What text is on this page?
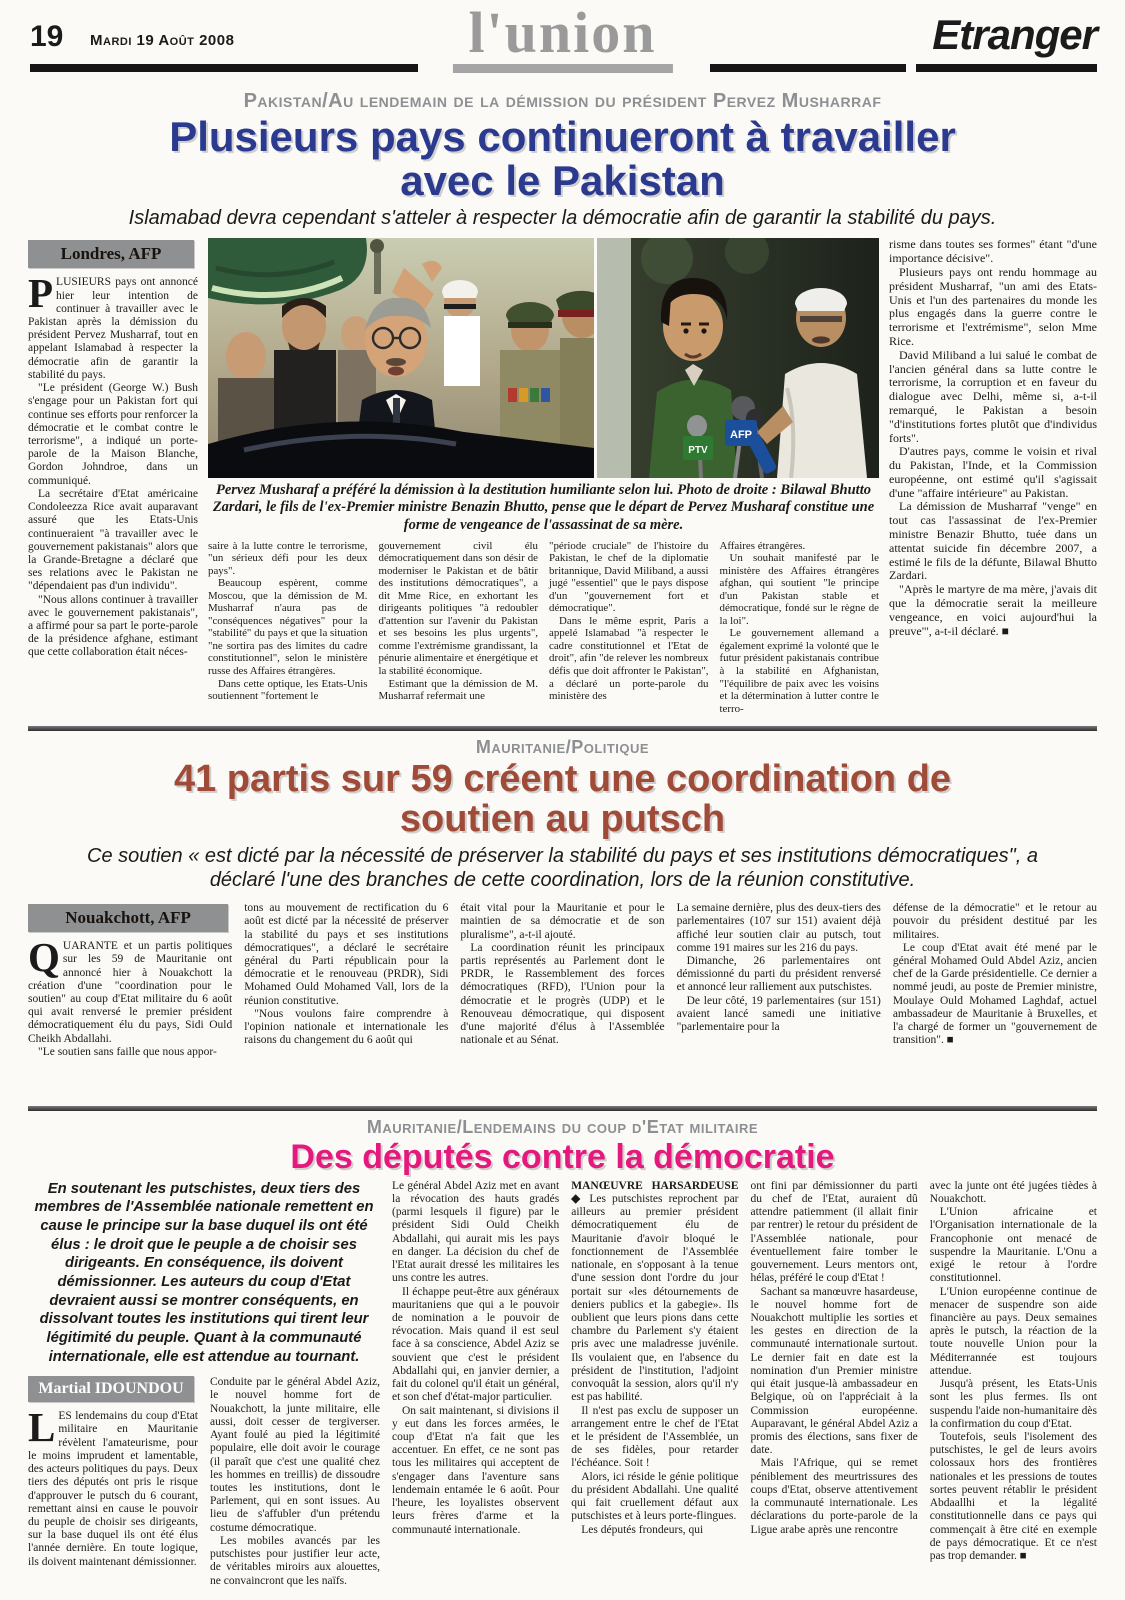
19 Mardi 19 Août 2008	l'union	Etranger
Pakistan/Au lendemain de la démission du président Pervez Musharraf
Plusieurs pays continueront à travailler avec le Pakistan
Islamabad devra cependant s'atteler à respecter la démocratie afin de garantir la stabilité du pays.
Londres, AFP

PLUSIEURS pays ont annoncé hier leur intention de continuer à travailler avec le Pakistan après la démission du président Pervez Musharraf, tout en appelant Islamabad à respecter la démocratie afin de garantir la stabilité du pays.

"Le président (George W.) Bush s'engage pour un Pakistan fort qui continue ses efforts pour renforcer la démocratie et le combat contre le terrorisme", a indiqué un porte-parole de la Maison Blanche, Gordon Johndroe, dans un communiqué.

La secrétaire d'Etat américaine Condoleezza Rice avait auparavant assuré que les Etats-Unis continueraient "à travailler avec le gouvernement pakistanais" alors que la Grande-Bretagne a déclaré que ses relations avec le Pakistan ne "dépendaient pas d'un individu".

"Nous allons continuer à travailler avec le gouvernement pakistanais", a affirmé pour sa part le porte-parole de la présidence afghane, estimant que cette collaboration était néces-

AFP
PTV
Pervez Musharaf a préféré la démission à la destitution humiliante selon lui. Photo de droite : Bilawal Bhutto Zardari, le fils de l'ex-Premier ministre Benazin Bhutto, pense que le départ de Pervez Musharaf constitue une forme de vengeance de l'assassinat de sa mère.

saire à la lutte contre le terrorisme, "un sérieux défi pour les deux pays".

Beaucoup espèrent, comme Moscou, que la démission de M. Musharraf n'aura pas de "conséquences négatives" pour la "stabilité" du pays et que la situation "ne sortira pas des limites du cadre constitutionnel", selon le ministère russe des Affaires étrangères.

Dans cette optique, les Etats-Unis soutiennent "fortement le

gouvernement civil élu démocratiquement dans son désir de moderniser le Pakistan et de bâtir des institutions démocratiques", a dit Mme Rice, en exhortant les dirigeants politiques "à redoubler d'attention sur l'avenir du Pakistan et ses besoins les plus urgents", comme l'extrémisme grandissant, la pénurie alimentaire et énergétique et la stabilité économique.

Estimant que la démission de M. Musharraf refermait une

"période cruciale" de l'histoire du Pakistan, le chef de la diplomatie britannique, David Miliband, a aussi jugé "essentiel" que le pays dispose d'un "gouvernement fort et démocratique".

Dans le même esprit, Paris a appelé Islamabad "à respecter le cadre constitutionnel et l'Etat de droit", afin "de relever les nombreux défis que doit affronter le Pakistan", a déclaré un porte-parole du ministère des

Affaires étrangères.

Un souhait manifesté par le ministère des Affaires étrangères afghan, qui soutient "le principe d'un Pakistan stable et démocratique, fondé sur le règne de la loi".

Le gouvernement allemand a également exprimé la volonté que le futur président pakistanais contribue à la stabilité en Afghanistan, "l'équilibre de paix avec les voisins et la détermination à lutter contre le terro-

risme dans toutes ses formes" étant "d'une importance décisive".

Plusieurs pays ont rendu hommage au président Musharraf, "un ami des Etats-Unis et l'un des partenaires du monde les plus engagés dans la guerre contre le terrorisme et l'extrémisme", selon Mme Rice.

David Miliband a lui salué le combat de l'ancien général dans sa lutte contre le terrorisme, la corruption et en faveur du dialogue avec Delhi, même si, a-t-il remarqué, le Pakistan a besoin "d'institutions fortes plutôt que d'individus forts".

D'autres pays, comme le voisin et rival du Pakistan, l'Inde, et la Commission européenne, ont estimé qu'il s'agissait d'une "affaire intérieure" au Pakistan.

La démission de Musharraf "venge" en tout cas l'assassinat de l'ex-Premier ministre Benazir Bhutto, tuée dans un attentat suicide fin décembre 2007, a estimé le fils de la défunte, Bilawal Bhutto Zardari.

"Après le martyre de ma mère, j'avais dit que la démocratie serait la meilleure vengeance, en voici aujourd'hui la preuve"', a-t-il déclaré. ■

Mauritanie/Politique
41 partis sur 59 créent une coordination de soutien au putsch
Ce soutien « est dicté par la nécessité de préserver la stabilité du pays et ses institutions démocratiques", a déclaré l'une des branches de cette coordination, lors de la réunion constitutive.
Nouakchott, AFP

QUARANTE et un partis politiques sur les 59 de Mauritanie ont annoncé hier à Nouakchott la création d'une "coordination pour le soutien" au coup d'Etat militaire du 6 août qui avait renversé le premier président démocratiquement élu du pays, Sidi Ould Cheikh Abdallahi.

"Le soutien sans faille que nous appor-

tons au mouvement de rectification du 6 août est dicté par la nécessité de préserver la stabilité du pays et ses institutions démocratiques", a déclaré le secrétaire général du Parti républicain pour la démocratie et le renouveau (PRDR), Sidi Mohamed Ould Mohamed Vall, lors de la réunion constitutive.

"Nous voulons faire comprendre à l'opinion nationale et internationale les raisons du changement du 6 août qui

était vital pour la Mauritanie et pour le maintien de sa démocratie et de son pluralisme", a-t-il ajouté.

La coordination réunit les principaux partis représentés au Parlement dont le PRDR, le Rassemblement des forces démocratiques (RFD), l'Union pour la démocratie et le progrès (UDP) et le Renouveau démocratique, qui disposent d'une majorité d'élus à l'Assemblée nationale et au Sénat.

La semaine dernière, plus des deux-tiers des parlementaires (107 sur 151) avaient déjà affiché leur soutien clair au putsch, tout comme 191 maires sur les 216 du pays.

Dimanche, 26 parlementaires ont démissionné du parti du président renversé et annoncé leur ralliement aux putschistes.

De leur côté, 19 parlementaires (sur 151) avaient lancé samedi une initiative "parlementaire pour la

défense de la démocratie" et le retour au pouvoir du président destitué par les militaires.

Le coup d'Etat avait été mené par le général Mohamed Ould Abdel Aziz, ancien chef de la Garde présidentielle. Ce dernier a nommé jeudi, au poste de Premier ministre, Moulaye Ould Mohamed Laghdaf, actuel ambassadeur de Mauritanie à Bruxelles, et l'a chargé de former un "gouvernement de transition". ■

Mauritanie/Lendemains du coup d'Etat militaire
Des députés contre la démocratie
En soutenant les putschistes, deux tiers des membres de l'Assemblée nationale remettent en cause le principe sur la base duquel ils ont été élus : le droit que le peuple a de choisir ses dirigeants. En conséquence, ils doivent démissionner. Les auteurs du coup d'Etat devraient aussi se montrer conséquents, en dissolvant toutes les institutions qui tirent leur légitimité du peuple. Quant à la communauté internationale, elle est attendue au tournant.
Martial IDOUNDOU

LES lendemains du coup d'Etat militaire en Mauritanie révèlent l'amateurisme, pour le moins imprudent et lamentable, des acteurs politiques du pays. Deux tiers des députés ont pris le risque d'approuver le putsch du 6 courant, remettant ainsi en cause le pouvoir du peuple de choisir ses dirigeants, sur la base duquel ils ont été élus l'année dernière. En toute logique, ils doivent maintenant démissionner.

Conduite par le général Abdel Aziz, le nouvel homme fort de Nouakchott, la junte militaire, elle aussi, doit cesser de tergiverser. Ayant foulé au pied la légitimité populaire, elle doit avoir le courage (il paraît que c'est une qualité chez les hommes en treillis) de dissoudre toutes les institutions, dont le Parlement, qui en sont issues. Au lieu de s'affubler d'un prétendu costume démocratique.

Les mobiles avancés par les putschistes pour justifier leur acte, de véritables miroirs aux alouettes, ne convaincront que les naïfs.

Le général Abdel Aziz met en avant la révocation des hauts gradés (parmi lesquels il figure) par le président Sidi Ould Cheikh Abdallahi, qui aurait mis les pays en danger. La décision du chef de l'Etat aurait dressé les militaires les uns contre les autres.

Il échappe peut-être aux généraux mauritaniens que qui a le pouvoir de nomination a le pouvoir de révocation. Mais quand il est seul face à sa conscience, Abdel Aziz se souvient que c'est le président Abdallahi qui, en janvier dernier, a fait du colonel qu'il était un général, et son chef d'état-major particulier.

On sait maintenant, si divisions il y eut dans les forces armées, le coup d'Etat n'a fait que les accentuer. En effet, ce ne sont pas tous les militaires qui acceptent de s'engager dans l'aventure sans lendemain entamée le 6 août. Pour l'heure, les loyalistes observent leurs frères d'arme et la communauté internationale.

MANŒUVRE HARSARDEUSE ◆ Les putschistes reprochent par ailleurs au premier président démocratiquement élu de Mauritanie d'avoir bloqué le fonctionnement de l'Assemblée nationale, en s'opposant à la tenue d'une session dont l'ordre du jour portait sur «les détournements de deniers publics et la gabegie». Ils oublient que leurs pions dans cette chambre du Parlement s'y étaient pris avec une maladresse juvénile. Ils voulaient que, en l'absence du président de l'institution, l'adjoint convoquât la session, alors qu'il n'y est pas habilité.

Il n'est pas exclu de supposer un arrangement entre le chef de l'Etat et le président de l'Assemblée, un de ses fidèles, pour retarder l'échéance. Soit !

Alors, ici réside le génie politique du président Abdallahi. Une qualité qui fait cruellement défaut aux putschistes et à leurs porte-flingues.

Les députés frondeurs, qui

ont fini par démissionner du parti du chef de l'Etat, auraient dû attendre patiemment (il allait finir par rentrer) le retour du président de l'Assemblée nationale, pour éventuellement faire tomber le gouvernement. Leurs mentors ont, hélas, préféré le coup d'Etat !

Sachant sa manœuvre hasardeuse, le nouvel homme fort de Nouakchott multiplie les sorties et les gestes en direction de la communauté internationale surtout. Le dernier fait en date est la nomination d'un Premier ministre qui était jusque-là ambassadeur en Belgique, où on l'appréciait à la Commission européenne. Auparavant, le général Abdel Aziz a promis des élections, sans fixer de date.

Mais l'Afrique, qui se remet péniblement des meurtrissures des coups d'Etat, observe attentivement la communauté internationale. Les déclarations du porte-parole de la Ligue arabe après une rencontre

avec la junte ont été jugées tièdes à Nouakchott.

L'Union africaine et l'Organisation internationale de la Francophonie ont menacé de suspendre la Mauritanie. L'Onu a exigé le retour à l'ordre constitutionnel.

L'Union européenne continue de menacer de suspendre son aide financière au pays. Deux semaines après le putsch, la réaction de la toute nouvelle Union pour la Méditerrannée est toujours attendue.

Jusqu'à présent, les Etats-Unis sont les plus fermes. Ils ont suspendu l'aide non-humanitaire dès la confirmation du coup d'Etat.

Toutefois, seuls l'isolement des putschistes, le gel de leurs avoirs colossaux hors des frontières nationales et les pressions de toutes sortes peuvent rétablir le président Abdaallhi et la légalité constitutionnelle dans ce pays qui commençait à être cité en exemple de pays démocratique. Et ce n'est pas trop demander. ■
